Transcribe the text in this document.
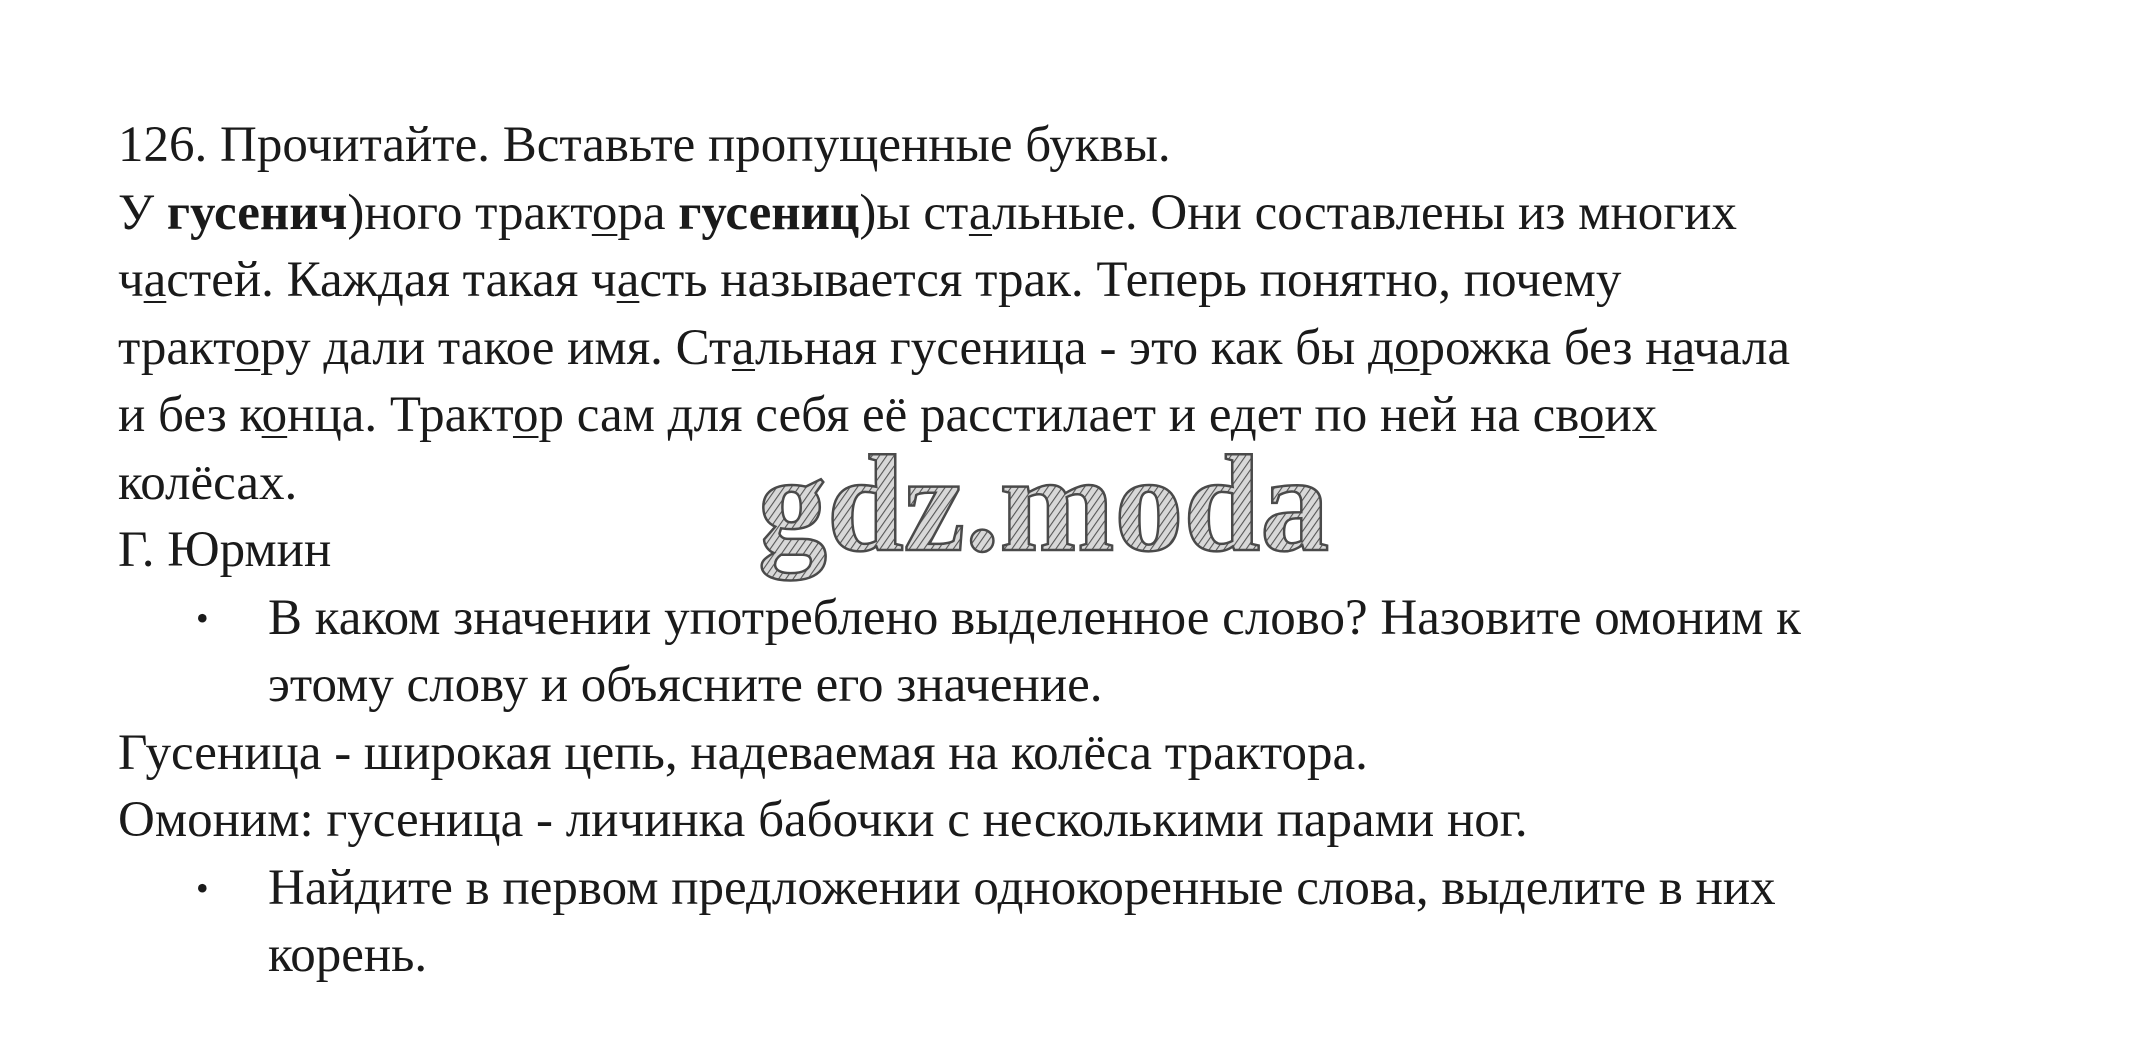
126. Прочитайте. Вставьте пропущенные буквы.
У гусенич)ного трактора гусениц)ы стальные. Они составлены из многих
частей. Каждая такая часть называется трак. Теперь понятно, почему
трактору дали такое имя. Стальная гусеница - это как бы дорожка без начала
и без конца. Трактор сам для себя её расстилает и едет по ней на своих
колёсах.
Г. Юрмин
• В каком значении употреблено выделенное слово? Назовите омоним к
этому слову и объясните его значение.
Гусеница - широкая цепь, надеваемая на колёса трактора.
Омоним: гусеница - личинка бабочки с несколькими парами ног.
• Найдите в первом предложении однокоренные слова, выделите в них
корень.
gdz.moda
